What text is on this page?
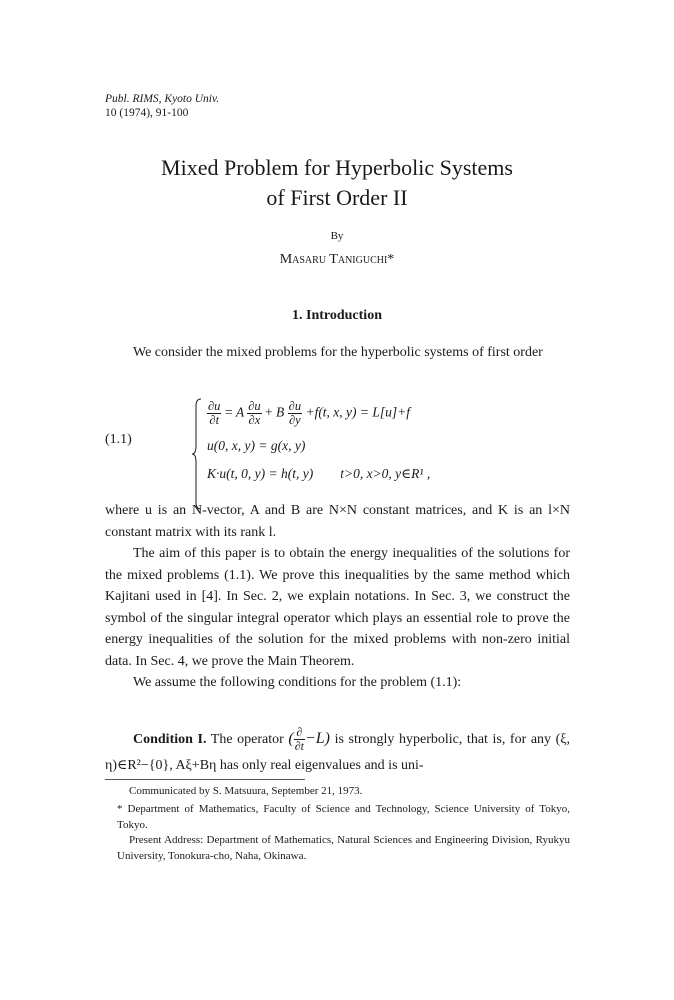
Publ. RIMS, Kyoto Univ.
10 (1974), 91-100
Mixed Problem for Hyperbolic Systems
of First Order II
By
Masaru Taniguchi*
1. Introduction
We consider the mixed problems for the hyperbolic systems of first order
(1.1)
$\frac{\partial u}{\partial t} = A \frac{\partial u}{\partial x} + B \frac{\partial u}{\partial y} +f(t$, x, y) = L[u]+f
u(0, x, y) = g(x, y)
K·u(t, 0, y) = h(t, y)        t>0, x>0, y∈R¹ ,
where u is an N-vector, A and B are N×N constant matrices, and K is an l×N constant matrix with its rank l.
The aim of this paper is to obtain the energy inequalities of the solutions for the mixed problems (1.1). We prove this inequalities by the same method which Kajitani used in [4]. In Sec. 2, we explain notations. In Sec. 3, we construct the symbol of the singular integral operator which plays an essential role to prove the energy inequalities of the solution for the mixed problems with non-zero initial data. In Sec. 4, we prove the Main Theorem.
We assume the following conditions for the problem (1.1):
Condition I. The operator ( $\frac{\partial}{\partial t} -L$) is strongly hyperbolic, that is, for any (ξ, η)∈R²−{0}, Aξ+Bη has only real eigenvalues and is uni-
Communicated by S. Matsuura, September 21, 1973.
* Department of Mathematics, Faculty of Science and Technology, Science University of Tokyo, Tokyo.
Present Address: Department of Mathematics, Natural Sciences and Engineering Division, Ryukyu University, Tonokura-cho, Naha, Okinawa.
